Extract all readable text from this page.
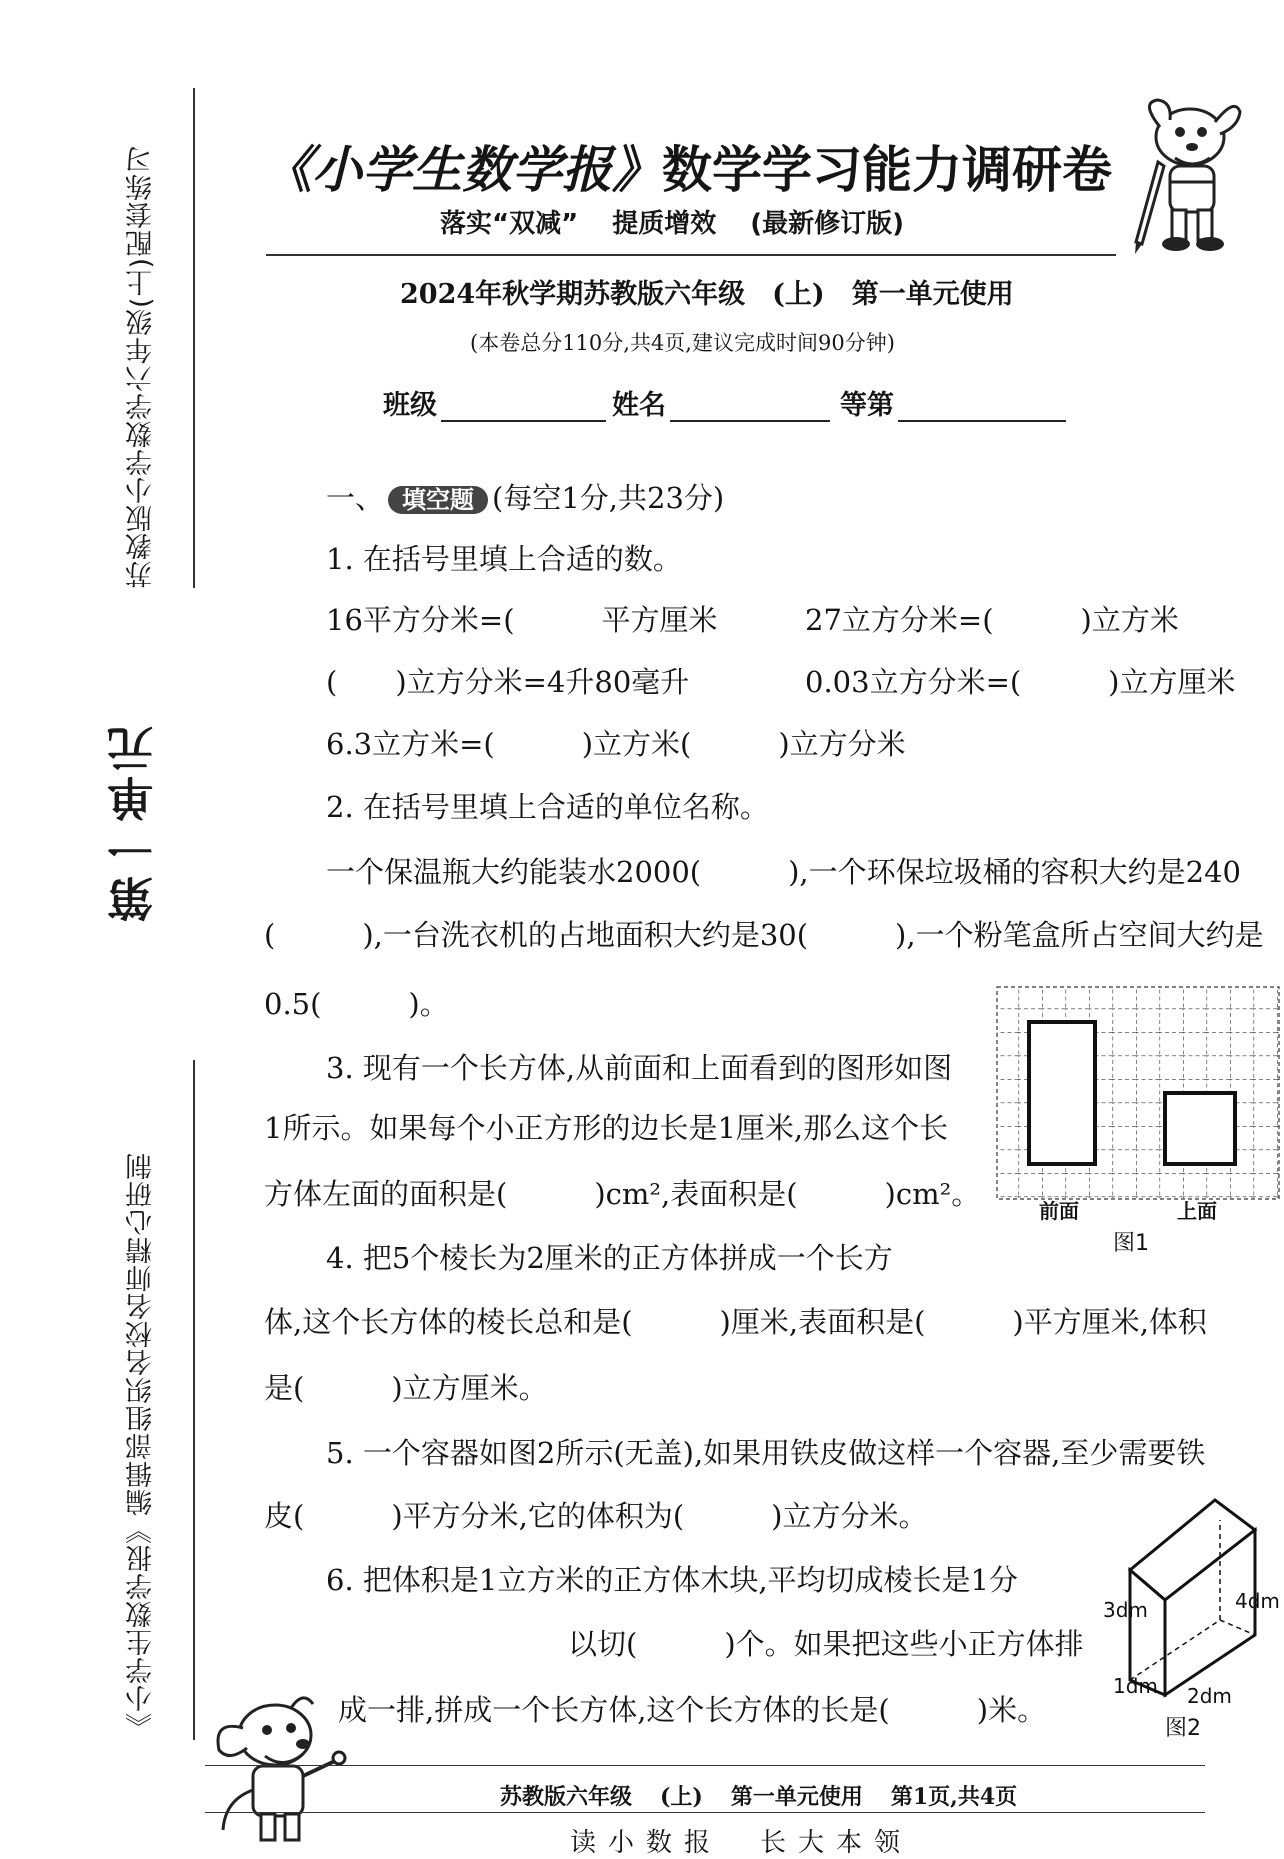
苏教版小学数学六年级(上)配套练习
第一单元
《小学生数学报》编辑部组织名校名师精心研制
《小学生数学报》数学学习能力调研卷
落实“双减” 提质增效 (最新修订版)
2024年秋学期苏教版六年级　(上)　第一单元使用
(本卷总分110分,共4页,建议完成时间90分钟)
班级	姓名	等第
一、 填空题 (每空1分,共23分)
1. 在括号里填上合适的数。
16平方分米=(　　　平方厘米	27立方分米=(　　　)立方米
(　　)立方分米=4升80毫升	0.03立方分米=(　　　)立方厘米
6.3立方米=(　　　)立方米(　　　)立方分米
2. 在括号里填上合适的单位名称。
一个保温瓶大约能装水2000(　　　),一个环保垃圾桶的容积大约是240
(　　　),一台洗衣机的占地面积大约是30(　　　),一个粉笔盒所占空间大约是
0.5(　　　)。
3. 现有一个长方体,从前面和上面看到的图形如图
1所示。如果每个小正方形的边长是1厘米,那么这个长
方体左面的面积是(　　　)cm²,表面积是(　　　)cm²。	前面	上面
图1
4. 把5个棱长为2厘米的正方体拼成一个长方
体,这个长方体的棱长总和是(　　　)厘米,表面积是(　　　)平方厘米,体积
是(　　　)立方厘米。
5. 一个容器如图2所示(无盖),如果用铁皮做这样一个容器,至少需要铁
皮(　　　)平方分米,它的体积为(　　　)立方分米。
6. 把体积是1立方米的正方体木块,平均切成棱长是1分
以切(　　　)个。如果把这些小正方体排
成一排,拼成一个长方体,这个长方体的长是(　　　)米。
3dm	4dm
1dm 2dm
图2
苏教版六年级 (上) 第一单元使用 第1页,共4页
读小数报　长大本领
